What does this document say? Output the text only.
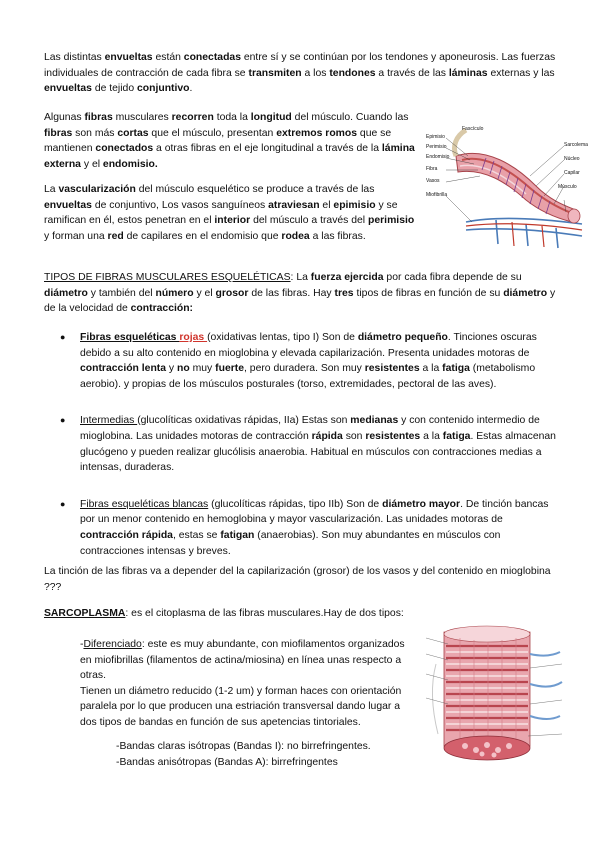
Las distintas envueltas están conectadas entre sí y se continúan por los tendones y aponeurosis. Las fuerzas individuales de contracción de cada fibra se transmiten a los tendones a través de las láminas externas y las envueltas de tejido conjuntivo.

Algunas fibras musculares recorren toda la longitud del músculo. Cuando las fibras son más cortas que el músculo, presentan extremos romos que se mantienen conectados a otras fibras en el eje longitudinal a través de la lámina externa y el endomisio.

La vascularización del músculo esquelético se produce a través de las envueltas de conjuntivo, Los vasos sanguíneos atraviesan el epimisio y se ramifican en él, estos penetran en el interior del músculo a través del perimisio y forman una red de capilares en el endomisio que rodea a las fibras.

Fascículo
Epimisio
Perimisio
Endomisio
Fibra
Vasos
Miofibrilla
Sarcolema
Núcleo
Capilar
Músculo

TIPOS DE FIBRAS MUSCULARES ESQUELÉTICAS: La fuerza ejercida por cada fibra depende de su diámetro y también del número y el grosor de las fibras. Hay tres tipos de fibras en función de su diámetro y de la velocidad de contracción:

● Fibras esqueléticas rojas (oxidativas lentas, tipo I) Son de diámetro pequeño. Tinciones oscuras debido a su alto contenido en mioglobina y elevada capilarización. Presenta unidades motoras de contracción lenta y no muy fuerte, pero duradera. Son muy resistentes a la fatiga (metabolismo aerobio). y propias de los músculos posturales (torso, extremidades, pectoral de las aves).
● Intermedias (glucolíticas oxidativas rápidas, IIa) Estas son medianas y con contenido intermedio de mioglobina. Las unidades motoras de contracción rápida son resistentes a la fatiga. Estas almacenan glucógeno y pueden realizar glucólisis anaerobia. Habitual en músculos con contracciones medias a intensas, duraderas.
● Fibras esqueléticas blancas (glucolíticas rápidas, tipo IIb) Son de diámetro mayor. De tinción bancas por un menor contenido en hemoglobina y mayor vascularización. Las unidades motoras de contracción rápida, estas se fatigan (anaerobias). Son muy abundantes en músculos con contracciones intensas y breves.

La tinción de las fibras va a depender del la capilarización (grosor) de los vasos y del contenido en mioglobina ???

SARCOPLASMA: es el citoplasma de las fibras musculares.Hay de dos tipos:

-Diferenciado: este es muy abundante, con miofilamentos organizados en miofibrillas (filamentos de actina/miosina) en línea unas respecto a otras.

Tienen un diámetro reducido (1-2 um) y forman haces con orientación paralela por lo que producen una estriación transversal dando lugar a dos tipos de bandas en función de sus apetencias tintoriales.

-Bandas claras isótropas (Bandas I): no birrefringentes.

-Bandas anisótropas (Bandas A): birrefringentes
